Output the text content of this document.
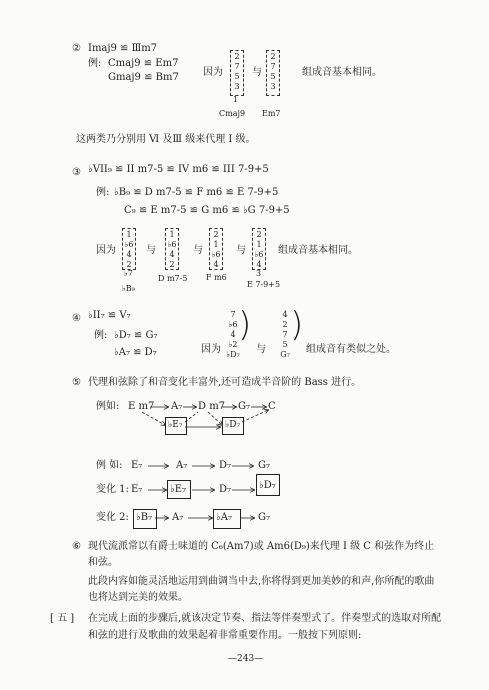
② Imaj9 ≌ Ⅲm7
例: Cmaj9 ≌ Em7
Gmaj9 ≌ Bm7 因为
2
7
5
3
1
与
2
7
5
3
Cmaj9 Em7
组成音基本相同。
这两类乃分别用 Ⅵ 及Ⅲ 级来代理 Ⅰ 级。
③ ♭VII₉ ≌ II m7-5 ≌ IV m6 ≌ III 7-9+5
例: ♭B₉ ≌ D m7-5 ≌ F m6 ≌ E 7-9+5
C₉ ≌ E m7-5 ≌ G m6 ≌ ♭G 7-9+5
因为
1
♭6
4
2
♭7
♭B₉
与
1
♭6
4
2
D m7-5
与
2
1
♭6
4
F m6
与
2
1
♭6
4
3
E 7-9+5
组成音基本相同。
④ ♭II₇ ≌ V₇
例: ♭D₇ ≌ G₇
♭A₇ ≌ D₇	因为
7
♭6
4
♭2
♭D₇
)
与
4
2
7
5
G₇
)
组成音有类似之处。
⑤ 代理和弦除了和音变化丰富外,还可造成半音阶的 Bass 进行。
例如: E m7 A₇ D m7 G₇ C
♭E₇	♭D₇
例 如: E₇	A₇	D₇	G₇
变化 1: E₇	♭E₇	D₇	♭D₇
变化 2: ♭B₇ A₇	♭A₇	G₇
⑥ 现代流派常以有爵士味道的 C₆(Am7)或 Am6(D₉)来代理 Ⅰ 级 C 和弦作为终止
和弦。
此段内容如能灵活地运用到曲调当中去,你将得到更加美妙的和声,你所配的歌曲
也将达到完美的效果。
[ 五 ] 在完成上面的步骤后,就该决定节奏、指法等伴奏型式了。伴奏型式的选取对所配
和弦的进行及歌曲的效果起着非常重要作用。一般按下列原则:
—243—
